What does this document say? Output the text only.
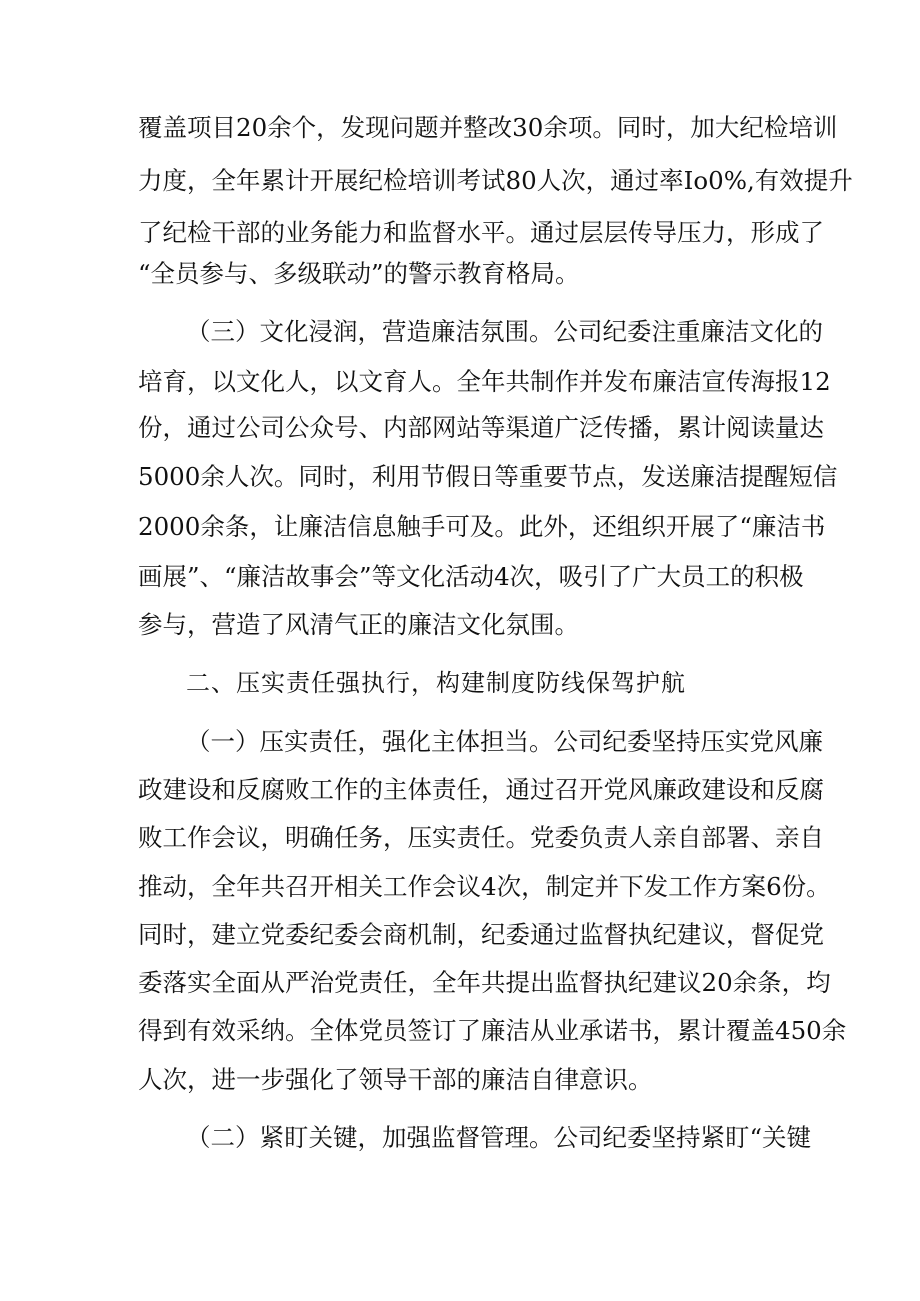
覆盖项目20余个，发现问题并整改30余项。同时，加大纪检培训
力度，全年累计开展纪检培训考试80人次，通过率Io0%,有效提升
了纪检干部的业务能力和监督水平。通过层层传导压力，形成了
“全员参与、多级联动”的警示教育格局。
（三）文化浸润，营造廉洁氛围。公司纪委注重廉洁文化的
培育，以文化人，以文育人。全年共制作并发布廉洁宣传海报12
份，通过公司公众号、内部网站等渠道广泛传播，累计阅读量达
5000余人次。同时，利用节假日等重要节点，发送廉洁提醒短信
2000余条，让廉洁信息触手可及。此外，还组织开展了“廉洁书
画展”、“廉洁故事会”等文化活动4次，吸引了广大员工的积极
参与，营造了风清气正的廉洁文化氛围。
二、压实责任强执行，构建制度防线保驾护航
（一）压实责任，强化主体担当。公司纪委坚持压实党风廉
政建设和反腐败工作的主体责任，通过召开党风廉政建设和反腐
败工作会议，明确任务，压实责任。党委负责人亲自部署、亲自
推动，全年共召开相关工作会议4次，制定并下发工作方案6份。
同时，建立党委纪委会商机制，纪委通过监督执纪建议，督促党
委落实全面从严治党责任，全年共提出监督执纪建议20余条，均
得到有效采纳。全体党员签订了廉洁从业承诺书，累计覆盖450余
人次，进一步强化了领导干部的廉洁自律意识。
（二）紧盯关键，加强监督管理。公司纪委坚持紧盯“关键
